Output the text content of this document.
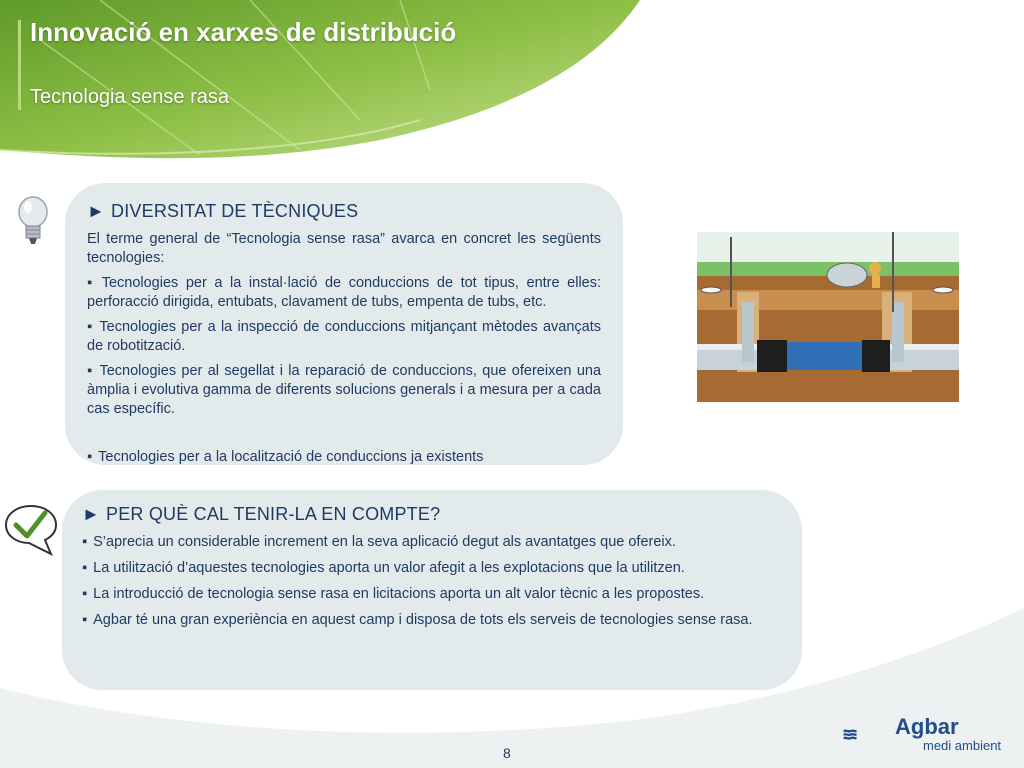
Innovació en xarxes de distribució
Tecnologia sense rasa
► DIVERSITAT DE TÈCNIQUES
El terme general de “Tecnologia sense rasa” avarca en concret les següents tecnologies:
▪ Tecnologies per a la instal·lació de conduccions de tot tipus, entre elles: perforacció dirigida, entubats, clavament de tubs, empenta de tubs, etc.
▪ Tecnologies per a la inspecció de conduccions mitjançant mètodes avançats de robotització.
▪ Tecnologies per al segellat i la reparació de conduccions, que ofereixen una àmplia i evolutiva gamma de diferents solucions generals i a mesura per a cada cas específic.
▪ Tecnologies per a la localització de conduccions ja existents
► PER QUÈ CAL TENIR-LA EN COMPTE?
▪ S’aprecia un considerable increment en la seva aplicació degut als avantatges que ofereix.
▪ La utilització d’aquestes tecnologies aporta un valor afegit a les explotacions que la utilitzen.
▪ La introducció de tecnologia sense rasa en licitacions aporta un alt valor tècnic a les propostes.
▪ Agbar té una gran experiència en aquest camp i disposa de tots els serveis de tecnologies sense rasa.
8
Agbar
medi ambient
